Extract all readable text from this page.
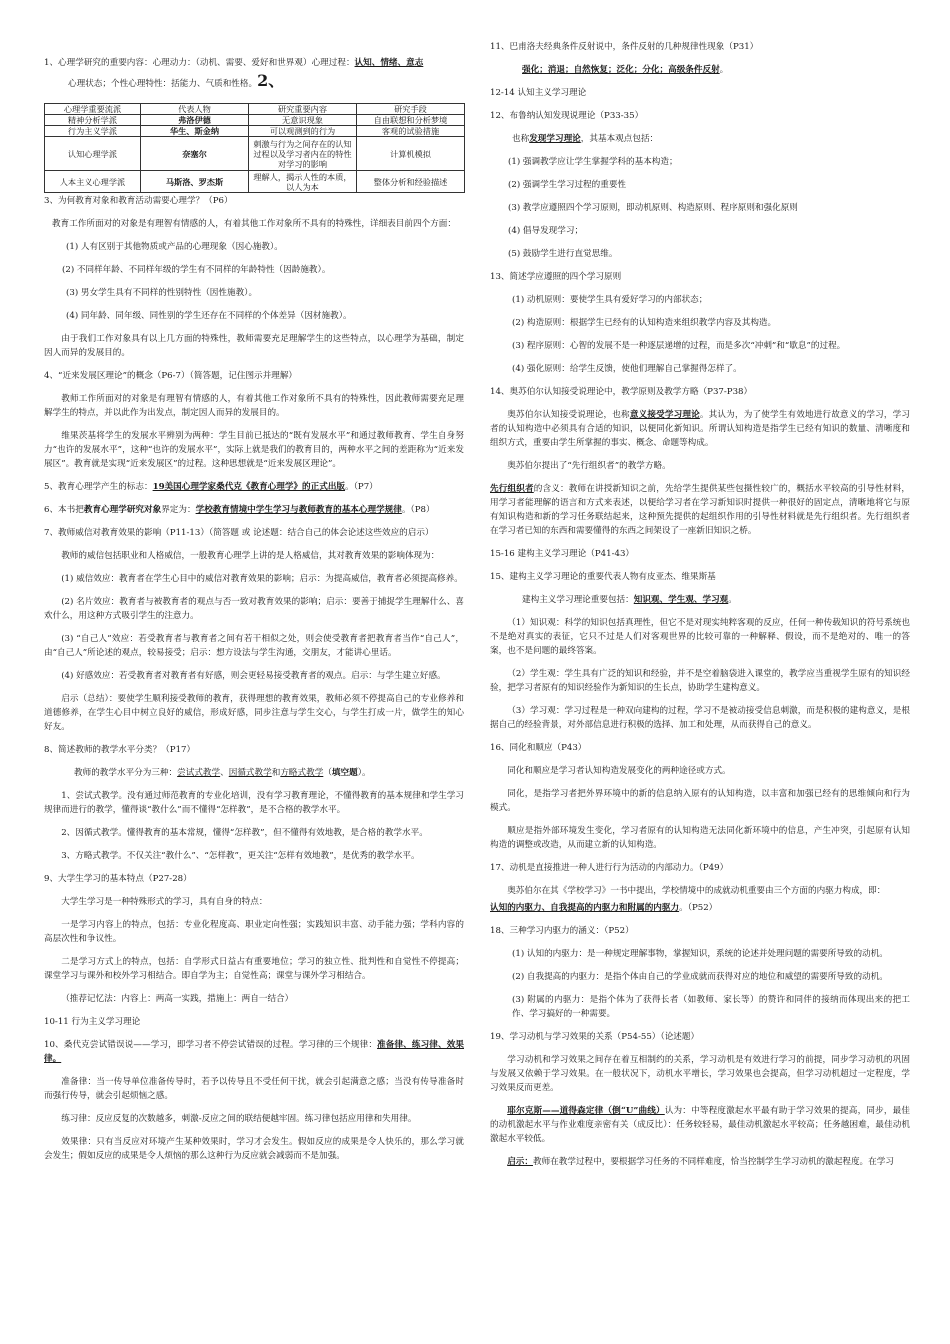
1、心理学研究的重要内容：心理动力：（动机、需要、爱好和世界观）心理过程：认知、情绪、意志

心理状态；个性心理特性：括能力、气质和性格。2、

心理学重要流派	代表人物	研究重要内容	研究手段
精神分析学派	弗洛伊德	无意识现象	自由联想和分析梦境
行为主义学派	华生、斯金纳	可以观测到的行为	客观的试验措施
认知心理学派	奈塞尔	刺激与行为之间存在的认知过程以及学习者内在的特性对学习的影响	计算机模拟
人本主义心理学派	马斯洛、罗杰斯	理解人，揭示人性的本质，以人为本	整体分析和经验描述

3、为何教育对象和教育活动需要心理学？（P6）

教育工作所面对的对象是有理智有情感的人，有着其他工作对象所不具有的特殊性，详细表目前四个方面：

(1) 人有区别于其他物质或产品的心理现象（因心施教）。

(2) 不同样年龄、不同样年级的学生有不同样的年龄特性（因龄施教）。

(3) 男女学生具有不同样的性别特性（因性施教）。

(4) 同年龄、同年级、同性别的学生还存在不同样的个体差异（因材施教）。

由于我们工作对象具有以上几方面的特殊性，教师需要充足理解学生的这些特点，以心理学为基础，制定因人而异的发展目的。

4、“近来发展区理论”的概念（P6-7）（简答题，记住图示并理解）

教师工作所面对的对象是有理智有情感的人，有着其他工作对象所不具有的特殊性，因此教师需要充足理解学生的特点，并以此作为出发点，制定因人而异的发展目的。

维果茨基将学生的发展水平辨别为两种：学生目前已抵达的“既有发展水平”和通过教师教育、学生自身努力“也许的发展水平”，这种“也许的发展水平”，实际上就是我们的教育目的，两种水平之间的差距称为“近来发展区”。教育就是实现“近来发展区”的过程。这种思想就是“近来发展区理论”。

5、教育心理学产生的标志：19美国心理学家桑代克《教育心理学》的正式出版。（P7）

6、本书把教育心理学研究对象界定为：学校教育情境中学生学习与教师教育的基本心理学规律。（P8）

7、教师威信对教育效果的影响（P11-13）（简答题 或 论述题：结合自己的体会论述这些效应的启示）

教师的威信包括职业和人格威信，一般教育心理学上讲的是人格威信，其对教育效果的影响体现为：

(1) 威信效应：教育者在学生心目中的威信对教育效果的影响；启示：为提高威信，教育者必须提高修养。

(2) 名片效应：教育者与被教育者的观点与否一致对教育效果的影响；启示：要善于捕捉学生理解什么、喜欢什么，用这种方式吸引学生的注意力。

(3) “自己人”效应：若受教育者与教育者之间有若干相似之处，则会使受教育者把教育者当作“自己人”，由“自己人”所论述的观点，较易接受；启示：想方设法与学生沟通，交朋友，才能讲心里话。

(4) 好感效应：若受教育者对教育者有好感，则会更轻易接受教育者的观点。启示：与学生建立好感。

启示（总结）：要使学生顺利接受教师的教育，获得理想的教育效果，教师必须不停提高自己的专业修养和道德修养，在学生心目中树立良好的威信，形成好感，同步注意与学生交心，与学生打成一片，做学生的知心好友。

8、简述教师的教学水平分类？（P17）

教师的教学水平分为三种：尝试式教学、因循式教学和方略式教学（填空题）。

1、尝试式教学。没有通过师范教育的专业化培训，没有学习教育理论，不懂得教育的基本规律和学生学习规律而进行的教学，懂得谈“教什么”而不懂得“怎样教”，是不合格的教学水平。

2、因循式教学。懂得教育的基本常规，懂得“怎样教”，但不懂得有效地教，是合格的教学水平。

3、方略式教学。不仅关注“教什么”、“怎样教”，更关注“怎样有效地教”，是优秀的教学水平。

9、大学生学习的基本特点（P27-28）

大学生学习是一种特殊形式的学习，具有自身的特点：

一是学习内容上的特点，包括：专业化程度高、职业定向性强；实践知识丰富、动手能力强；学科内容的高层次性和争议性。

二是学习方式上的特点，包括：自学形式日益占有重要地位；学习的独立性、批判性和自觉性不停提高；课堂学习与课外和校外学习相结合。即自学为主；自觉性高；课堂与课外学习相结合。

（推荐记忆法：内容上：两高一实践，措施上：两自一结合）

10-11 行为主义学习理论

10、桑代克尝试错误说——学习，即学习者不停尝试错误的过程。学习律的三个规律：准备律、练习律、效果律。

准备律：当一传导单位准备传导时，若予以传导且不受任何干扰，就会引起满意之感；当没有传导准备时而强行传导，就会引起烦恼之感。

练习律：反应反复的次数越多，刺激-反应之间的联结便越牢固。练习律包括应用律和失用律。

效果律：只有当反应对环境产生某种效果时，学习才会发生。假如反应的成果是令人快乐的，那么学习就会发生；假如反应的成果是令人烦恼的那么这种行为反应就会减弱而不是加强。

11、巴甫洛夫经典条件反射说中，条件反射的几种规律性现象（P31）

强化；消退；自然恢复；泛化；分化；高级条件反射。

12-14 认知主义学习理论

12、布鲁纳认知发现说理论（P33-35）

也称发现学习理论，其基本观点包括：

(1) 强调教学应让学生掌握学科的基本构造；

(2) 强调学生学习过程的重要性

(3) 教学应遵照四个学习原则，即动机原则、构造原则、程序原则和强化原则

(4) 倡导发现学习；

(5) 鼓励学生进行直觉思维。

13、简述学应遵照的四个学习原则

(1) 动机原则：要使学生具有爱好学习的内部状态；

(2) 构造原则：根据学生已经有的认知构造来组织教学内容及其构造。

(3) 程序原则：心智的发展不是一种逐层递增的过程，而是多次“冲刺”和“歇息”的过程。

(4) 强化原则：给学生反馈，使他们理解自己掌握得怎样了。

14、奥苏伯尔认知接受说理论中，教学原则及教学方略（P37-P38）

奥苏伯尔认知接受说理论，也称意义接受学习理论。其认为，为了使学生有效地进行故意义的学习，学习者的认知构造中必须具有合适的知识，以便同化新知识。所谓认知构造是指学生已经有知识的数量、清晰度和组织方式，重要由学生所掌握的事实、概念、命题等构成。

奥苏伯尔提出了“先行组织者”的教学方略。

先行组织者的含义：教师在讲授新知识之前，先给学生提供某些包摄性较广的，概括水平较高的引导性材料，用学习者能理解的语言和方式来表述，以便给学习者在学习新知识时提供一种很好的固定点，清晰地将它与原有知识构造和新的学习任务联结起来，这种预先提供的起组织作用的引导性材料就是先行组织者。先行组织者在学习者已知的东西和需要懂得的东西之间架设了一座新旧知识之桥。

15-16 建构主义学习理论（P41-43）

15、建构主义学习理论的重要代表人物有皮亚杰、维果斯基

建构主义学习理论重要包括：知识观、学生观、学习观。

（1）知识观：科学的知识包括真理性，但它不是对现实纯粹客观的反应，任何一种传载知识的符号系统也不是绝对真实的表征，它只不过是人们对客观世界的比较可靠的一种解释、假设，而不是绝对的、唯一的答案，也不是问题的最终答案。

（2）学生观：学生具有广泛的知识和经验，并不是空着脑袋进入课堂的，教学应当重视学生原有的知识经验，把学习者原有的知识经验作为新知识的生长点，协助学生建构意义。

（3）学习观：学习过程是一种双向建构的过程，学习不是被动接受信息刺激，而是积极的建构意义，是根据自己的经验背景，对外部信息进行积极的选择、加工和处理，从而获得自己的意义。

16、同化和顺应（P43）

同化和顺应是学习者认知构造发展变化的两种途径或方式。

同化，是指学习者把外界环境中的新的信息纳入原有的认知构造，以丰富和加强已经有的思维倾向和行为模式。

顺应是指外部环境发生变化，学习者原有的认知构造无法同化新环境中的信息，产生冲突，引起原有认知构造的调整或改造，从而建立新的认知构造。

17、动机是直接推进一种人进行行为活动的内部动力。（P49）

奥苏伯尔在其《学校学习》一书中提出，学校情境中的成就动机重要由三个方面的内驱力构成，即：

认知的内驱力、自我提高的内驱力和附属的内驱力。（P52）

18、三种学习内驱力的涵义：（P52）

(1) 认知的内驱力：是一种规定理解事物，掌握知识，系统的论述并处理问题的需要所导致的动机。

(2) 自我提高的内驱力：是指个体由自己的学业成就而获得对应的地位和威望的需要所导致的动机。

(3) 附属的内驱力：是指个体为了获得长者（如教师、家长等）的赞许和同伴的接纳而体现出来的把工作、学习搞好的一种需要。

19、学习动机与学习效果的关系（P54-55）（论述题）

学习动机和学习效果之间存在着互相制约的关系，学习动机是有效进行学习的前提，同步学习动机的巩固与发展又依赖于学习效果。在一般状况下，动机水平增长，学习效果也会提高，但学习动机超过一定程度，学习效果反而更差。

耶尔克斯——道得森定律（倒“U”曲线）认为：中等程度激起水平最有助于学习效果的提高，同步，最佳的动机激起水平与作业难度亲密有关（成反比）：任务较轻易，最佳动机激起水平较高；任务越困难，最佳动机激起水平较低。

启示：教师在教学过程中，要根据学习任务的不同样难度，恰当控制学生学习动机的激起程度。在学习
